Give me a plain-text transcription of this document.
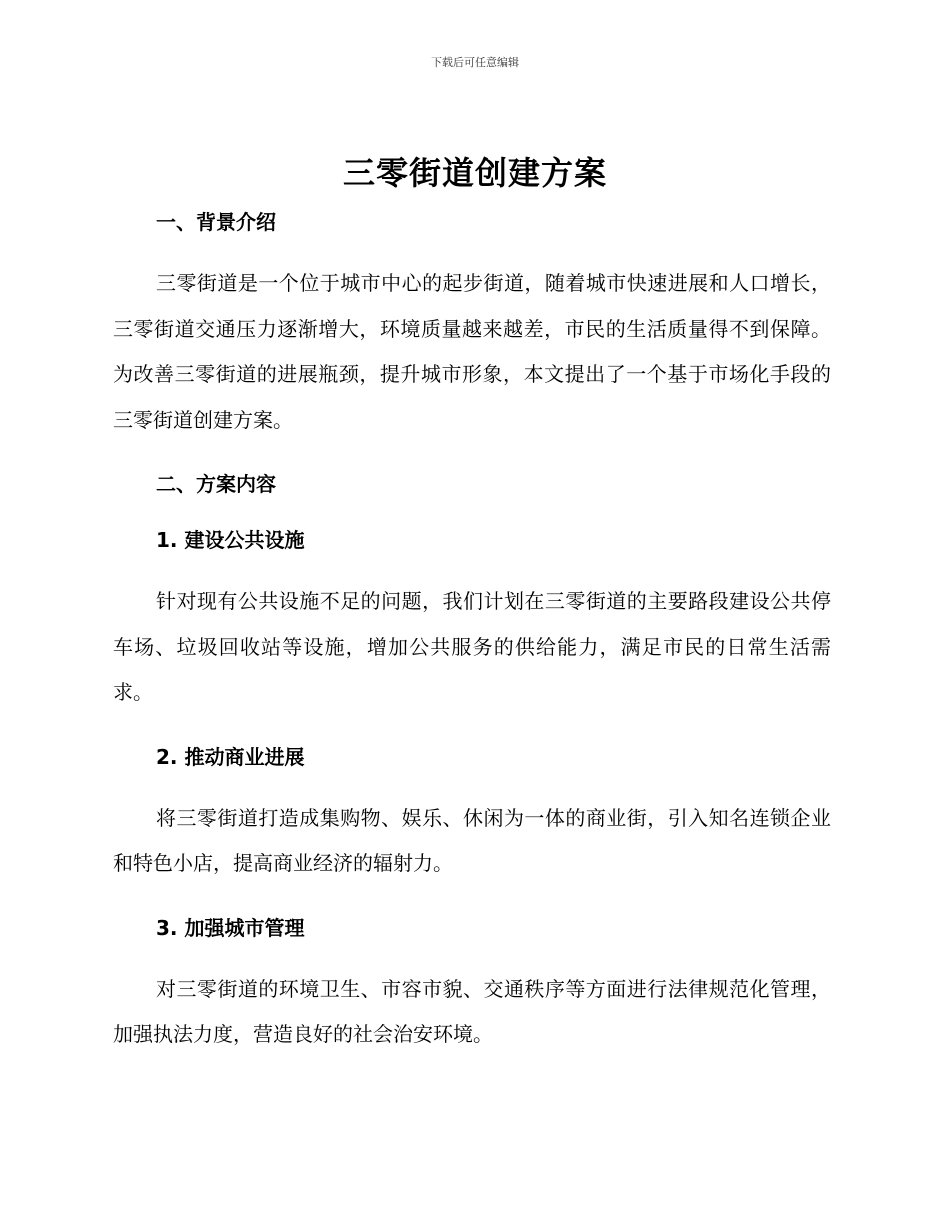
下载后可任意编辑
三零街道创建方案
一、背景介绍

三零街道是一个位于城市中心的起步街道，随着城市快速进展和人口增长，三零街道交通压力逐渐增大，环境质量越来越差，市民的生活质量得不到保障。为改善三零街道的进展瓶颈，提升城市形象，本文提出了一个基于市场化手段的三零街道创建方案。

二、方案内容
1. 建设公共设施

针对现有公共设施不足的问题，我们计划在三零街道的主要路段建设公共停车场、垃圾回收站等设施，增加公共服务的供给能力，满足市民的日常生活需求。

2. 推动商业进展

将三零街道打造成集购物、娱乐、休闲为一体的商业街，引入知名连锁企业和特色小店，提高商业经济的辐射力。

3. 加强城市管理

对三零街道的环境卫生、市容市貌、交通秩序等方面进行法律规范化管理，加强执法力度，营造良好的社会治安环境。
